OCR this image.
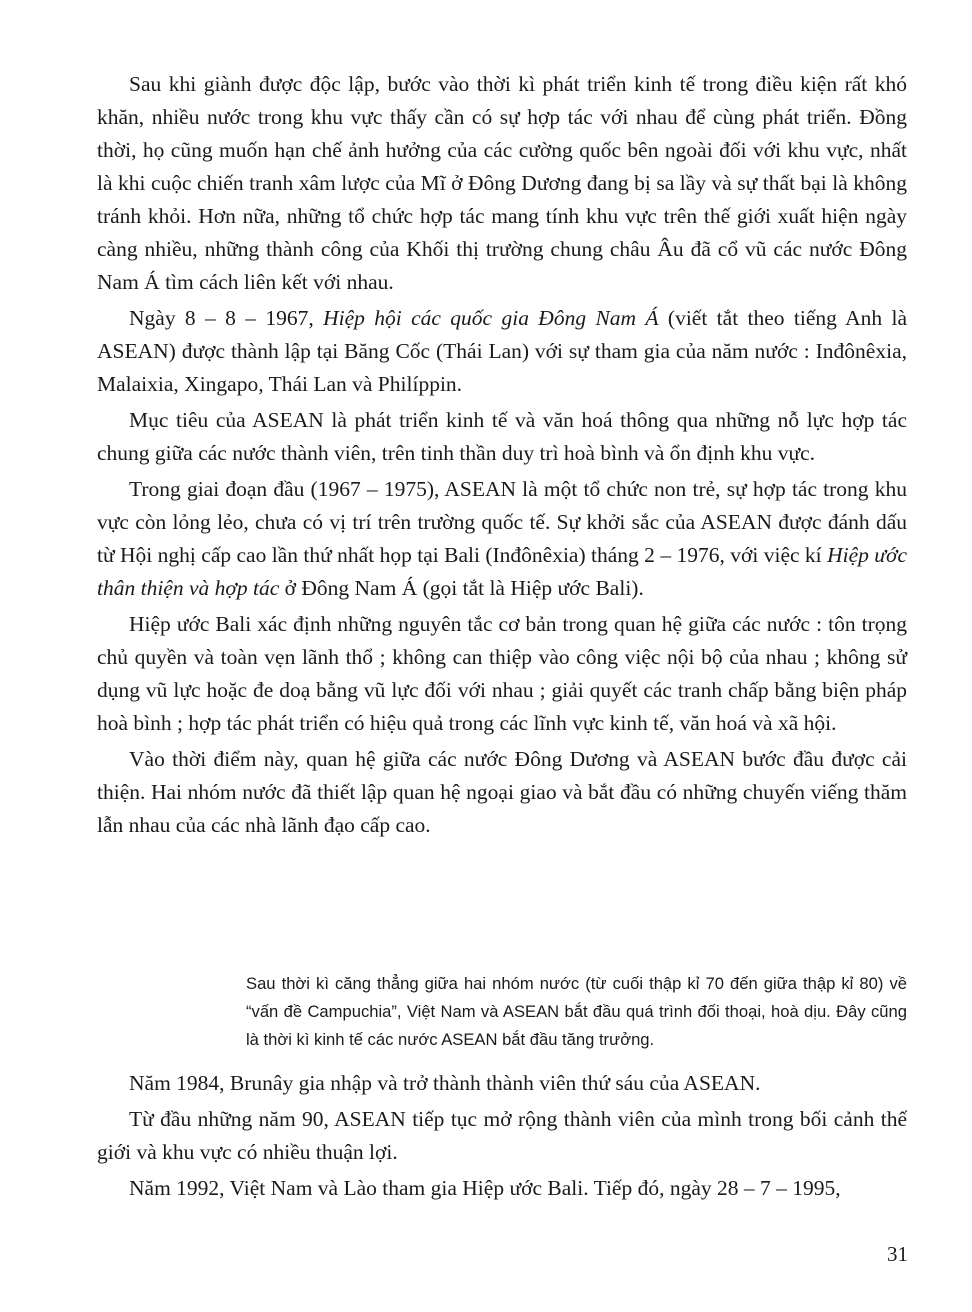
Sau khi giành được độc lập, bước vào thời kì phát triển kinh tế trong điều kiện rất khó khăn, nhiều nước trong khu vực thấy cần có sự hợp tác với nhau để cùng phát triển. Đồng thời, họ cũng muốn hạn chế ảnh hưởng của các cường quốc bên ngoài đối với khu vực, nhất là khi cuộc chiến tranh xâm lược của Mĩ ở Đông Dương đang bị sa lầy và sự thất bại là không tránh khỏi. Hơn nữa, những tổ chức hợp tác mang tính khu vực trên thế giới xuất hiện ngày càng nhiều, những thành công của Khối thị trường chung châu Âu đã cổ vũ các nước Đông Nam Á tìm cách liên kết với nhau.

Ngày 8 – 8 – 1967, Hiệp hội các quốc gia Đông Nam Á (viết tắt theo tiếng Anh là ASEAN) được thành lập tại Băng Cốc (Thái Lan) với sự tham gia của năm nước : Inđônêxia, Malaixia, Xingapo, Thái Lan và Philíppin.

Mục tiêu của ASEAN là phát triển kinh tế và văn hoá thông qua những nỗ lực hợp tác chung giữa các nước thành viên, trên tinh thần duy trì hoà bình và ổn định khu vực.

Trong giai đoạn đầu (1967 – 1975), ASEAN là một tổ chức non trẻ, sự hợp tác trong khu vực còn lỏng lẻo, chưa có vị trí trên trường quốc tế. Sự khởi sắc của ASEAN được đánh dấu từ Hội nghị cấp cao lần thứ nhất họp tại Bali (Inđônêxia) tháng 2 – 1976, với việc kí Hiệp ước thân thiện và hợp tác ở Đông Nam Á (gọi tắt là Hiệp ước Bali).

Hiệp ước Bali xác định những nguyên tắc cơ bản trong quan hệ giữa các nước : tôn trọng chủ quyền và toàn vẹn lãnh thổ ; không can thiệp vào công việc nội bộ của nhau ; không sử dụng vũ lực hoặc đe doạ bằng vũ lực đối với nhau ; giải quyết các tranh chấp bằng biện pháp hoà bình ; hợp tác phát triển có hiệu quả trong các lĩnh vực kinh tế, văn hoá và xã hội.

Vào thời điểm này, quan hệ giữa các nước Đông Dương và ASEAN bước đầu được cải thiện. Hai nhóm nước đã thiết lập quan hệ ngoại giao và bắt đầu có những chuyến viếng thăm lẫn nhau của các nhà lãnh đạo cấp cao.

Sau thời kì căng thẳng giữa hai nhóm nước (từ cuối thập kỉ 70 đến giữa thập kỉ 80) về “vấn đề Campuchia”, Việt Nam và ASEAN bắt đầu quá trình đối thoại, hoà dịu. Đây cũng là thời kì kinh tế các nước ASEAN bắt đầu tăng trưởng.

Năm 1984, Brunây gia nhập và trở thành thành viên thứ sáu của ASEAN.

Từ đầu những năm 90, ASEAN tiếp tục mở rộng thành viên của mình trong bối cảnh thế giới và khu vực có nhiều thuận lợi.

Năm 1992, Việt Nam và Lào tham gia Hiệp ước Bali. Tiếp đó, ngày 28 – 7 – 1995,

31
